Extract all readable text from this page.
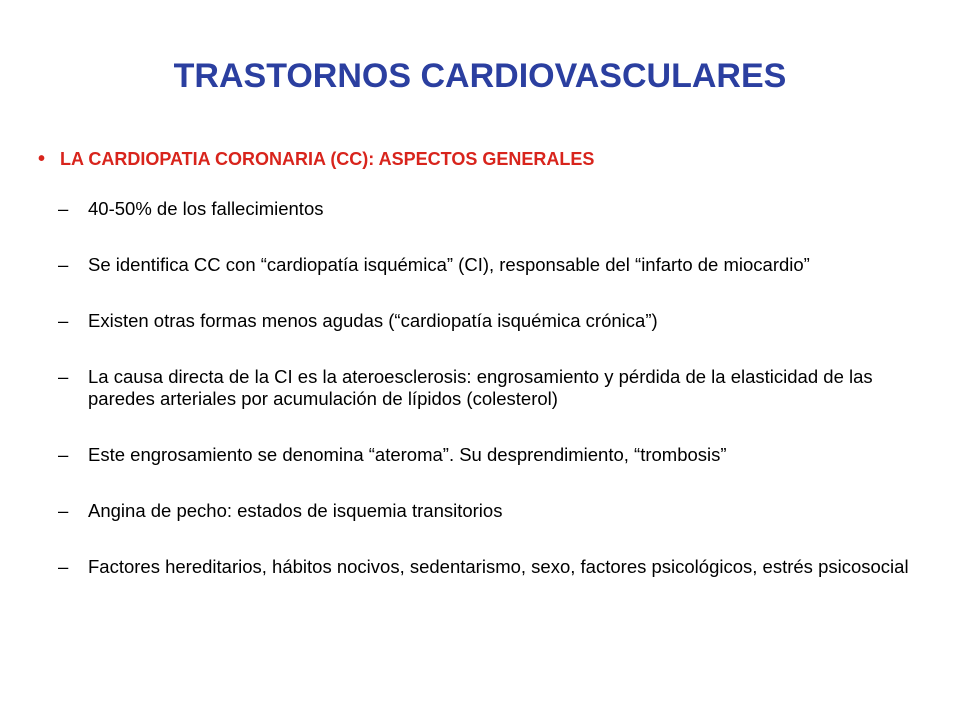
TRASTORNOS CARDIOVASCULARES
• LA CARDIOPATIA CORONARIA (CC): ASPECTOS GENERALES
– 40-50% de los fallecimientos
– Se identifica CC con “cardiopatía isquémica” (CI), responsable del “infarto de miocardio”
– Existen otras formas menos agudas (“cardiopatía isquémica crónica”)
– La causa directa de la CI es la ateroesclerosis: engrosamiento y pérdida de la elasticidad de las paredes arteriales por acumulación de lípidos (colesterol)
– Este engrosamiento se denomina “ateroma”. Su desprendimiento, “trombosis”
– Angina de pecho: estados de isquemia transitorios
– Factores hereditarios, hábitos nocivos, sedentarismo, sexo, factores psicológicos, estrés psicosocial
